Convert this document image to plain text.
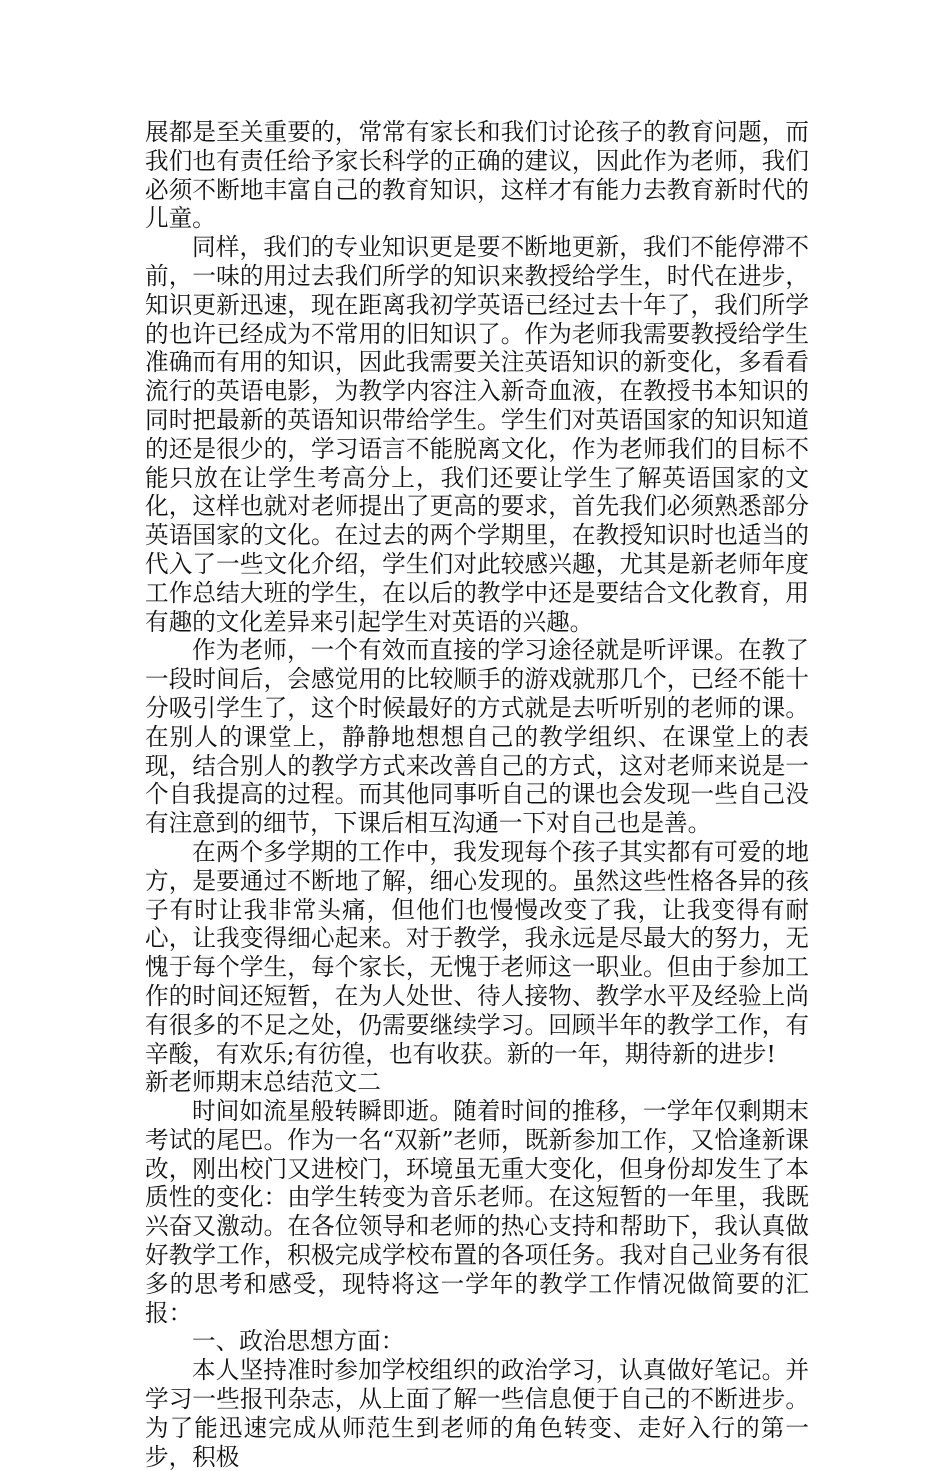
展都是至关重要的，常常有家长和我们讨论孩子的教育问题，而我们也有责任给予家长科学的正确的建议，因此作为老师，我们必须不断地丰富自己的教育知识，这样才有能力去教育新时代的儿童。

同样，我们的专业知识更是要不断地更新，我们不能停滞不前，一味的用过去我们所学的知识来教授给学生，时代在进步，知识更新迅速，现在距离我初学英语已经过去十年了，我们所学的也许已经成为不常用的旧知识了。作为老师我需要教授给学生准确而有用的知识，因此我需要关注英语知识的新变化，多看看流行的英语电影，为教学内容注入新奇血液，在教授书本知识的同时把最新的英语知识带给学生。学生们对英语国家的知识知道的还是很少的，学习语言不能脱离文化，作为老师我们的目标不能只放在让学生考高分上，我们还要让学生了解英语国家的文化，这样也就对老师提出了更高的要求，首先我们必须熟悉部分英语国家的文化。在过去的两个学期里，在教授知识时也适当的代入了一些文化介绍，学生们对此较感兴趣，尤其是新老师年度工作总结大班的学生，在以后的教学中还是要结合文化教育，用有趣的文化差异来引起学生对英语的兴趣。

作为老师，一个有效而直接的学习途径就是听评课。在教了一段时间后，会感觉用的比较顺手的游戏就那几个，已经不能十分吸引学生了，这个时候最好的方式就是去听听别的老师的课。在别人的课堂上，静静地想想自己的教学组织、在课堂上的表现，结合别人的教学方式来改善自己的方式，这对老师来说是一个自我提高的过程。而其他同事听自己的课也会发现一些自己没有注意到的细节，下课后相互沟通一下对自己也是善。

在两个多学期的工作中，我发现每个孩子其实都有可爱的地方，是要通过不断地了解，细心发现的。虽然这些性格各异的孩子有时让我非常头痛，但他们也慢慢改变了我，让我变得有耐心，让我变得细心起来。对于教学，我永远是尽最大的努力，无愧于每个学生，每个家长，无愧于老师这一职业。但由于参加工作的时间还短暂，在为人处世、待人接物、教学水平及经验上尚有很多的不足之处，仍需要继续学习。回顾半年的教学工作，有辛酸，有欢乐;有彷徨，也有收获。新的一年，期待新的进步!

新老师期末总结范文二

时间如流星般转瞬即逝。随着时间的推移，一学年仅剩期末考试的尾巴。作为一名“双新”老师，既新参加工作，又恰逢新课改，刚出校门又进校门，环境虽无重大变化，但身份却发生了本质性的变化：由学生转变为音乐老师。在这短暂的一年里，我既兴奋又激动。在各位领导和老师的热心支持和帮助下，我认真做好教学工作，积极完成学校布置的各项任务。我对自己业务有很多的思考和感受，现特将这一学年的教学工作情况做简要的汇报：

一、政治思想方面：

本人坚持准时参加学校组织的政治学习，认真做好笔记。并学习一些报刊杂志，从上面了解一些信息便于自己的不断进步。为了能迅速完成从师范生到老师的角色转变、走好入行的第一步，积极
